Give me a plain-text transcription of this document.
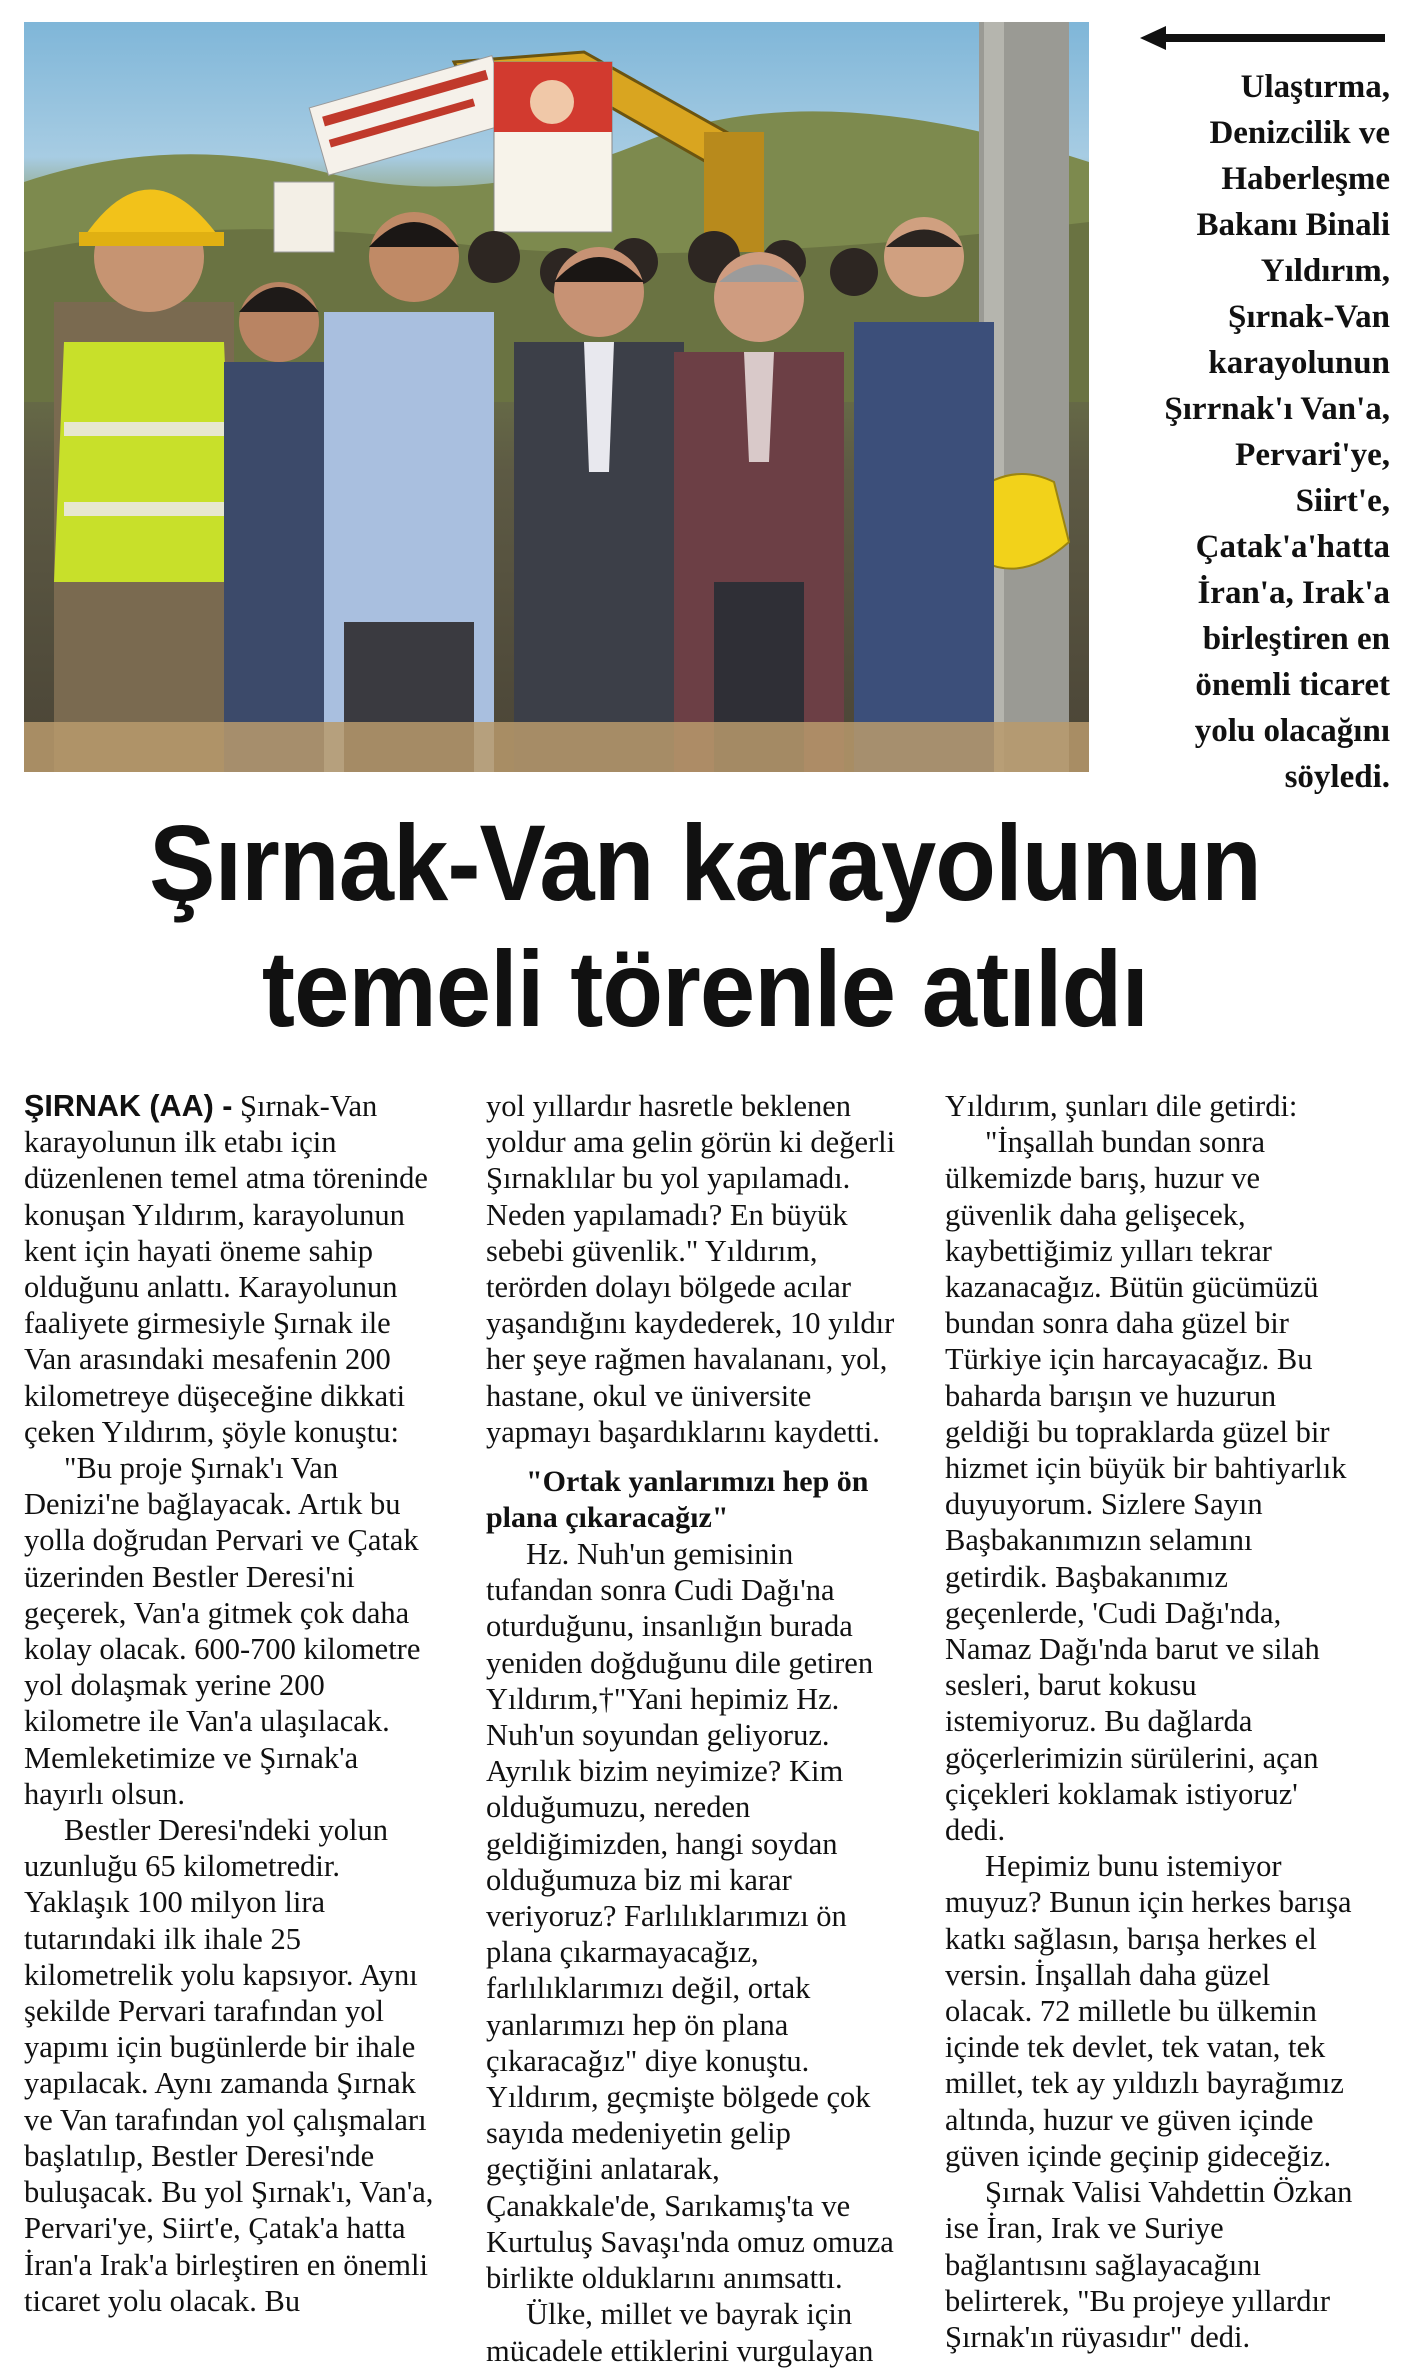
Ulaştırma,
Denizcilik ve
Haberleşme
Bakanı Binali
Yıldırım,
Şırnak-Van
karayolunun
Şırrnak'ı Van'a,
Pervari'ye,
Siirt'e,
Çatak'a'hatta
İran'a, Irak'a
birleştiren en
önemli ticaret
yolu olacağını
söyledi.
Şırnak-Van karayolunun
temeli törenle atıldı

ŞIRNAK (AA) - Şırnak-Van karayolunun ilk etabı için düzenlenen temel atma töreninde konuşan Yıldırım, karayolunun kent için hayati öneme sahip olduğunu anlattı. Karayolunun faaliyete girmesiyle Şırnak ile Van arasındaki mesafenin 200 kilometreye düşeceğine dikkati çeken Yıldırım, şöyle konuştu:

"Bu proje Şırnak'ı Van Denizi'ne bağlayacak. Artık bu yolla doğrudan Pervari ve Çatak üzerinden Bestler Deresi'ni geçerek, Van'a gitmek çok daha kolay olacak. 600-700 kilometre yol dolaşmak yerine 200 kilometre ile Van'a ulaşılacak. Memleketimize ve Şırnak'a hayırlı olsun.

Bestler Deresi'ndeki yolun uzunluğu 65 kilometredir. Yaklaşık 100 milyon lira tutarındaki ilk ihale 25 kilometrelik yolu kapsıyor. Aynı şekilde Pervari tarafından yol yapımı için bugünlerde bir ihale yapılacak. Aynı zamanda Şırnak ve Van tarafından yol çalışmaları başlatılıp, Bestler Deresi'nde buluşacak. Bu yol Şırnak'ı, Van'a, Pervari'ye, Siirt'e, Çatak'a hatta İran'a Irak'a birleştiren en önemli ticaret yolu olacak. Bu

yol yıllardır hasretle beklenen yoldur ama gelin görün ki değerli Şırnaklılar bu yol yapılamadı. Neden yapılamadı? En büyük sebebi güvenlik." Yıldırım, terörden dolayı bölgede acılar yaşandığını kaydederek, 10 yıldır her şeye rağmen havalananı, yol, hastane, okul ve üniversite yapmayı başardıklarını kaydetti.

"Ortak yanlarımızı hep ön plana çıkaracağız"

Hz. Nuh'un gemisinin tufandan sonra Cudi Dağı'na oturduğunu, insanlığın burada yeniden doğduğunu dile getiren Yıldırım,†"Yani hepimiz Hz. Nuh'un soyundan geliyoruz. Ayrılık bizim neyimize? Kim olduğumuzu, nereden geldiğimizden, hangi soydan olduğumuza biz mi karar veriyoruz? Farlılıklarımızı ön plana çıkarmayacağız, farlılıklarımızı değil, ortak yanlarımızı hep ön plana çıkaracağız" diye konuştu. Yıldırım, geçmişte bölgede çok sayıda medeniyetin gelip geçtiğini anlatarak, Çanakkale'de, Sarıkamış'ta ve Kurtuluş Savaşı'nda omuz omuza birlikte olduklarını anımsattı.

Ülke, millet ve bayrak için mücadele ettiklerini vurgulayan

Yıldırım, şunları dile getirdi:

"İnşallah bundan sonra ülkemizde barış, huzur ve güvenlik daha gelişecek, kaybettiğimiz yılları tekrar kazanacağız. Bütün gücümüzü bundan sonra daha güzel bir Türkiye için harcayacağız. Bu baharda barışın ve huzurun geldiği bu topraklarda güzel bir hizmet için büyük bir bahtiyarlık duyuyorum. Sizlere Sayın Başbakanımızın selamını getirdik. Başbakanımız geçenlerde, 'Cudi Dağı'nda, Namaz Dağı'nda barut ve silah sesleri, barut kokusu istemiyoruz. Bu dağlarda göçerlerimizin sürülerini, açan çiçekleri koklamak istiyoruz' dedi.

Hepimiz bunu istemiyor muyuz? Bunun için herkes barışa katkı sağlasın, barışa herkes el versin. İnşallah daha güzel olacak. 72 milletle bu ülkemin içinde tek devlet, tek vatan, tek millet, tek ay yıldızlı bayrağımız altında, huzur ve güven içinde güven içinde geçinip gideceğiz.

Şırnak Valisi Vahdettin Özkan ise İran, Irak ve Suriye bağlantısını sağlayacağını belirterek, "Bu projeye yıllardır Şırnak'ın rüyasıdır" dedi.
